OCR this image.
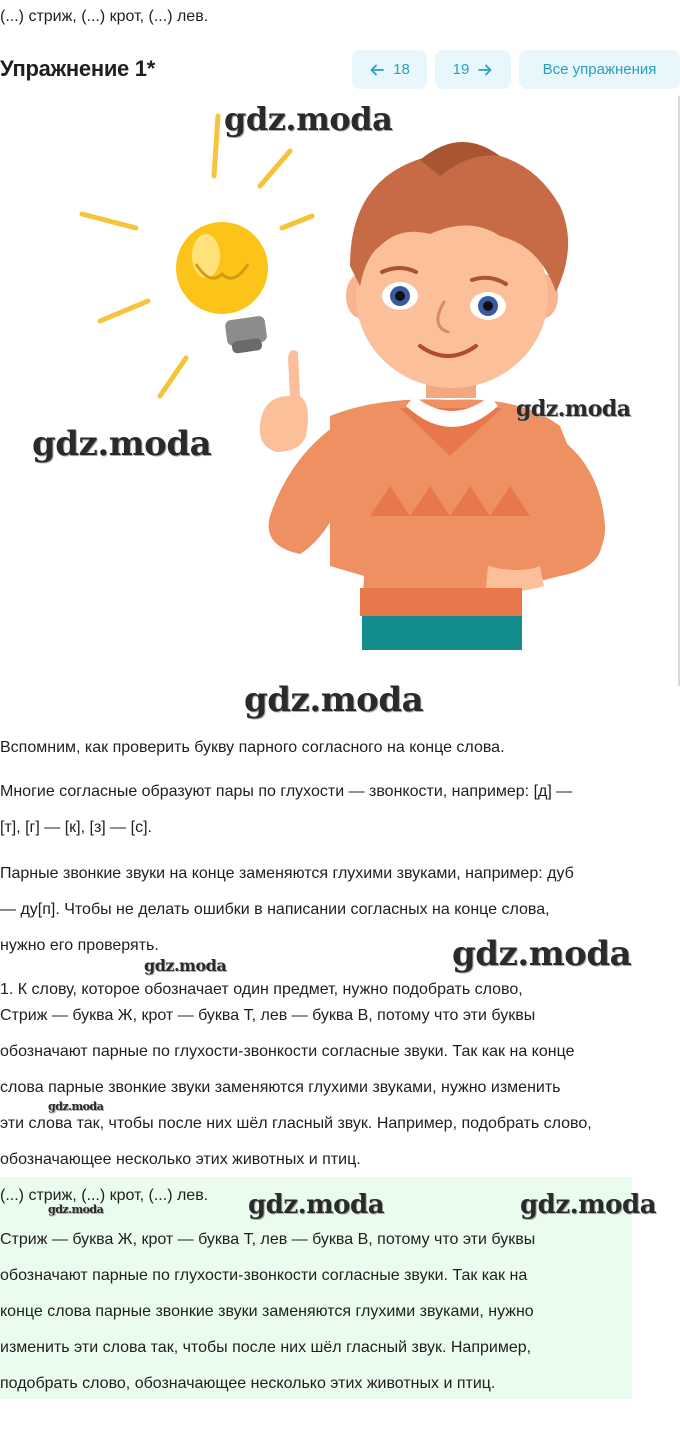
(...) стриж, (...) крот, (...) лев.
Упражнение 1*	18	19	Все упражнения
gdz.moda
gdz.moda
gdz.moda
gdz.moda
Вспомним, как проверить букву парного согласного на конце слова.
Многие согласные образуют пары по глухости — звонкости, например: [д] —
[т], [г] — [к], [з] — [с].
Парные звонкие звуки на конце заменяются глухими звуками, например: дуб
— ду[п]. Чтобы не делать ошибки в написании согласных на конце слова,
нужно его проверять.	gdz.moda
gdz.moda
1. К слову, которое обозначает один предмет, нужно подобрать слово,
Стриж — буква Ж, крот — буква Т, лев — буква В, потому что эти буквы
обозначают парные по глухости-звонкости согласные звуки. Так как на конце
слова парные звонкие звуки заменяются глухими звуками, нужно изменить
gdz.moda
эти слова так, чтобы после них шёл гласный звук. Например, подобрать слово,
обозначающее несколько этих животных и птиц.
(...) стриж, (...) крот, (...) лев.
gdz.moda	gdz.moda	gdz.moda
Стриж — буква Ж, крот — буква Т, лев — буква В, потому что эти буквы
обозначают парные по глухости-звонкости согласные звуки. Так как на
конце слова парные звонкие звуки заменяются глухими звуками, нужно
изменить эти слова так, чтобы после них шёл гласный звук. Например,
подобрать слово, обозначающее несколько этих животных и птиц.
